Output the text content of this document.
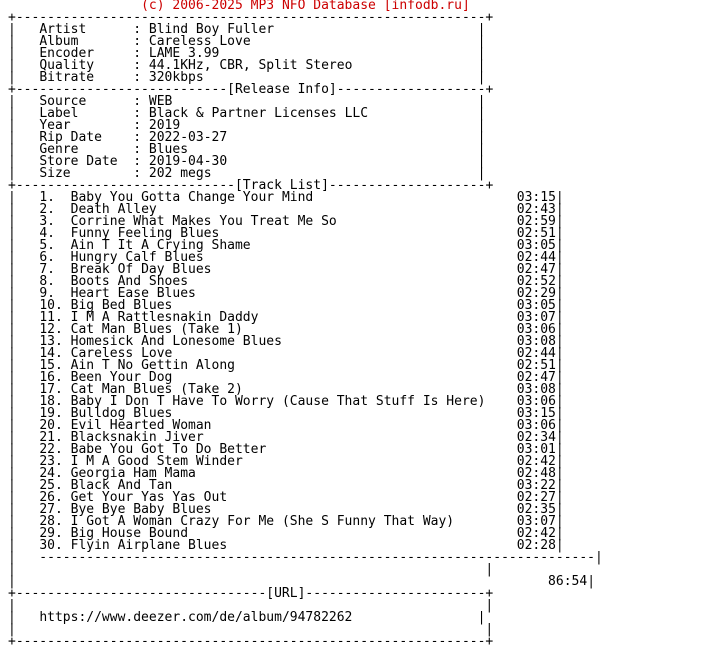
(c) 2006-2025 MP3 NFO Database [infodb.ru]
+------------------------------------------------------------+
|   Artist      : Blind Boy Fuller                          |
|   Album       : Careless Love                             |
|   Encoder     : LAME 3.99                                 |
|   Quality     : 44.1KHz, CBR, Split Stereo                |
|   Bitrate     : 320kbps                                   |
+---------------------------[Release Info]-------------------+
|   Source      : WEB                                       |
|   Label       : Black & Partner Licenses LLC              |
|   Year        : 2019                                      |
|   Rip Date    : 2022-03-27                                |
|   Genre       : Blues                                     |
|   Store Date  : 2019-04-30                                |
|   Size        : 202 megs                                  |
+----------------------------[Track List]--------------------+
|   1. Baby You Gotta Change Your Mind	03:15|
|   2. Death Alley	02:43|
|   3. Corrine What Makes You Treat Me So	02:59|
|   4. Funny Feeling Blues	02:51|
|   5. Ain T It A Crying Shame	03:05|
|   6. Hungry Calf Blues	02:44|
|   7. Break Of Day Blues	02:47|
|   8. Boots And Shoes	02:52|
|   9. Heart Ease Blues	02:29|
|   10. Big Bed Blues	03:05|
|   11. I M A Rattlesnakin Daddy	03:07|
|   12. Cat Man Blues (Take 1)	03:06|
|   13. Homesick And Lonesome Blues	03:08|
|   14. Careless Love	02:44|
|   15. Ain T No Gettin Along	02:51|
|   16. Been Your Dog	02:47|
|   17. Cat Man Blues (Take 2)	03:08|
|   18. Baby I Don T Have To Worry (Cause That Stuff Is Here) 03:06|
|   19. Bulldog Blues	03:15|
|   20. Evil Hearted Woman	03:06|
|   21. Blacksnakin Jiver	02:34|
|   22. Babe You Got To Do Better	03:01|
|   23. I M A Good Stem Winder	02:42|
|   24. Georgia Ham Mama	02:48|
|   25. Black And Tan	03:22|
|   26. Get Your Yas Yas Out	02:27|
|   27. Bye Bye Baby Blues	02:35|
|   28. I Got A Woman Crazy For Me (She S Funny That Way)	03:07|
|   29. Big House Bound	02:42|
|   30. Flyin Airplane Blues	02:28|
|   -----------------------------------------------------------------------|
|                                                            |
|                                                                    86:54|
+--------------------------------[URL]-----------------------+
|                                                            |
|   https://www.deezer.com/de/album/94782262                |
|                                                            |
+------------------------------------------------------------+
